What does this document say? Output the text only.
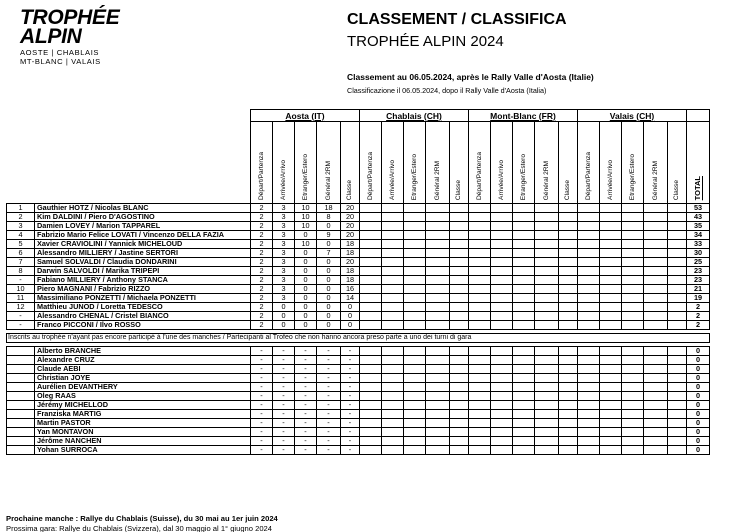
TROPHÉE
ALPIN
AOSTE | CHABLAIS
MT-BLANC | VALAIS
CLASSEMENT / CLASSIFICA
TROPHÉE ALPIN 2024
Classement au 06.05.2024, après le Rally Valle d'Aosta (Italie)
Classificazione il 06.05.2024, dopo il Rally Valle d'Aosta (Italia)
		Aosta (IT)					Chablais (CH)					Mont-Blanc (FR)					Valais (CH)					

		Départ/Partenza	Arrivée/Arrivo	Etranger/Estero	Général 2RM	Classe	Départ/Partenza	Arrivée/Arrivo	Etranger/Estero	Général 2RM	Classe	Départ/Partenza	Arrivée/Arrivo	Etranger/Estero	Général 2RM	Classe	Départ/Partenza	Arrivée/Arrivo	Etranger/Estero	Général 2RM	Classe	TOTAL

1	Gauthier HOTZ / Nicolas BLANC	2	3	10	18	20																53
2	Kim DALDINI / Piero D'AGOSTINO	2	3	10	8	20																43
3	Damien LOVEY / Marion TAPPAREL	2	3	10	0	20																35
4	Fabrizio Mario Felice LOVATI / Vincenzo DELLA FAZIA	2	3	0	9	20																34
5	Xavier CRAVIOLINI / Yannick MICHELOUD	2	3	10	0	18																33
6	Alessandro MILLIERY / Jastine SERTORI	2	3	0	7	18																30
7	Samuel SOLVALDI / Claudia DONDARINI	2	3	0	0	20																25
8	Darwin SALVOLDI / Marika TRIPEPI	2	3	0	0	18																23
-	Fabiano MILLIERY / Anthony STANCA	2	3	0	0	18																23
10	Piero MAGNANI / Fabrizio RIZZO	2	3	0	0	16																21
11	Massimiliano PONZETTI / Michaela PONZETTI	2	3	0	0	14																19
12	Matthieu JUNOD / Loretta TEDESCO	2	0	0	0	0																2
-	Alessandro CHENAL / Cristel BIANCO	2	0	0	0	0																2
-	Franco PICCONI / Ilvo ROSSO	2	0	0	0	0																2

Inscrits au trophée n'ayant pas encore participé à l'une des manches / Partecipanti al Trofeo che non hanno ancora preso parte a uno dei turni di gara																						

	Alberto BRANCHE	-	-	-	-	-																0
	Alexandre CRUZ	-	-	-	-	-																0
	Claude AEBI	-	-	-	-	-																0
	Christian JOYE	-	-	-	-	-																0
	Aurélien DEVANTHERY	-	-	-	-	-																0
	Oleg RAAS	-	-	-	-	-																0
	Jérémy MICHELLOD	-	-	-	-	-																0
	Franziska MARTIG	-	-	-	-	-																0
	Martin PASTOR	-	-	-	-	-																0
	Yan MONTAVON	-	-	-	-	-																0
	Jérôme NANCHEN	-	-	-	-	-																0
	Yohan SURROCA	-	-	-	-	-																0
Prochaine manche : Rallye du Chablais (Suisse), du 30 mai au 1er juin 2024
Prossima gara: Rallye du Chablais (Svizzera), dal 30 maggio al 1° giugno 2024
